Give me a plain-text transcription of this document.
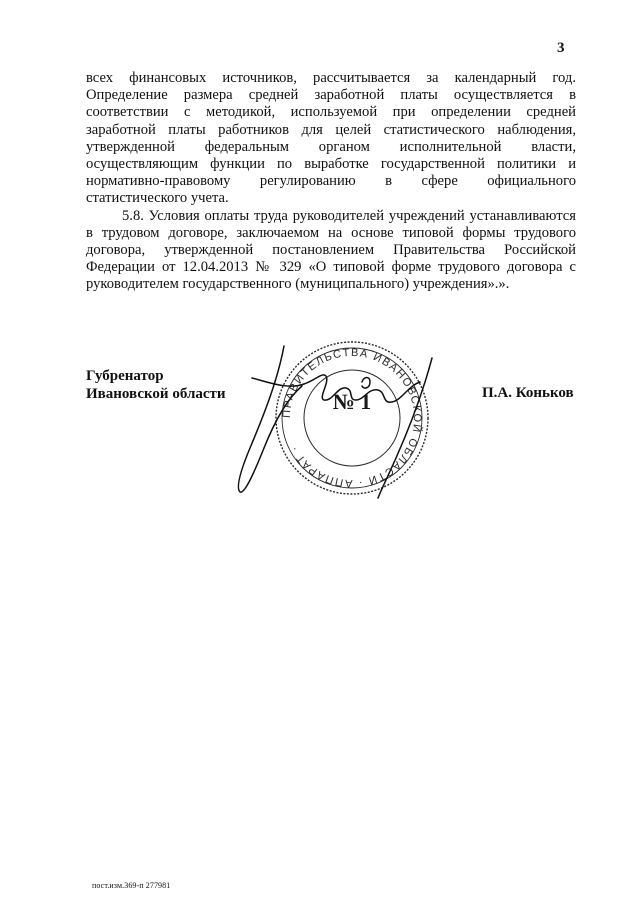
3

всех финансовых источников, рассчитывается за календарный год. Определение размера средней заработной платы осуществляется в соответствии с методикой, используемой при определении средней заработной платы работников для целей статистического наблюдения, утвержденной федеральным органом исполнительной власти, осуществляющим функции по выработке государственной политики и нормативно-правовому регулированию в сфере официального статистического учета.

5.8. Условия оплаты труда руководителей учреждений устанавливаются в трудовом договоре, заключаемом на основе типовой формы трудового договора, утвержденной постановлением Правительства Российской Федерации от 12.04.2013 № 329 «О типовой форме трудового договора с руководителем государственного (муниципального) учреждения».».

Губренатор
Ивановской области
ПРАВИТЕЛЬСТВА ИВАНОВСКОЙ ОБЛАСТИ · АППАРАТ ·
№ 1	П.А. Коньков
пост.изм.369-п 277981
